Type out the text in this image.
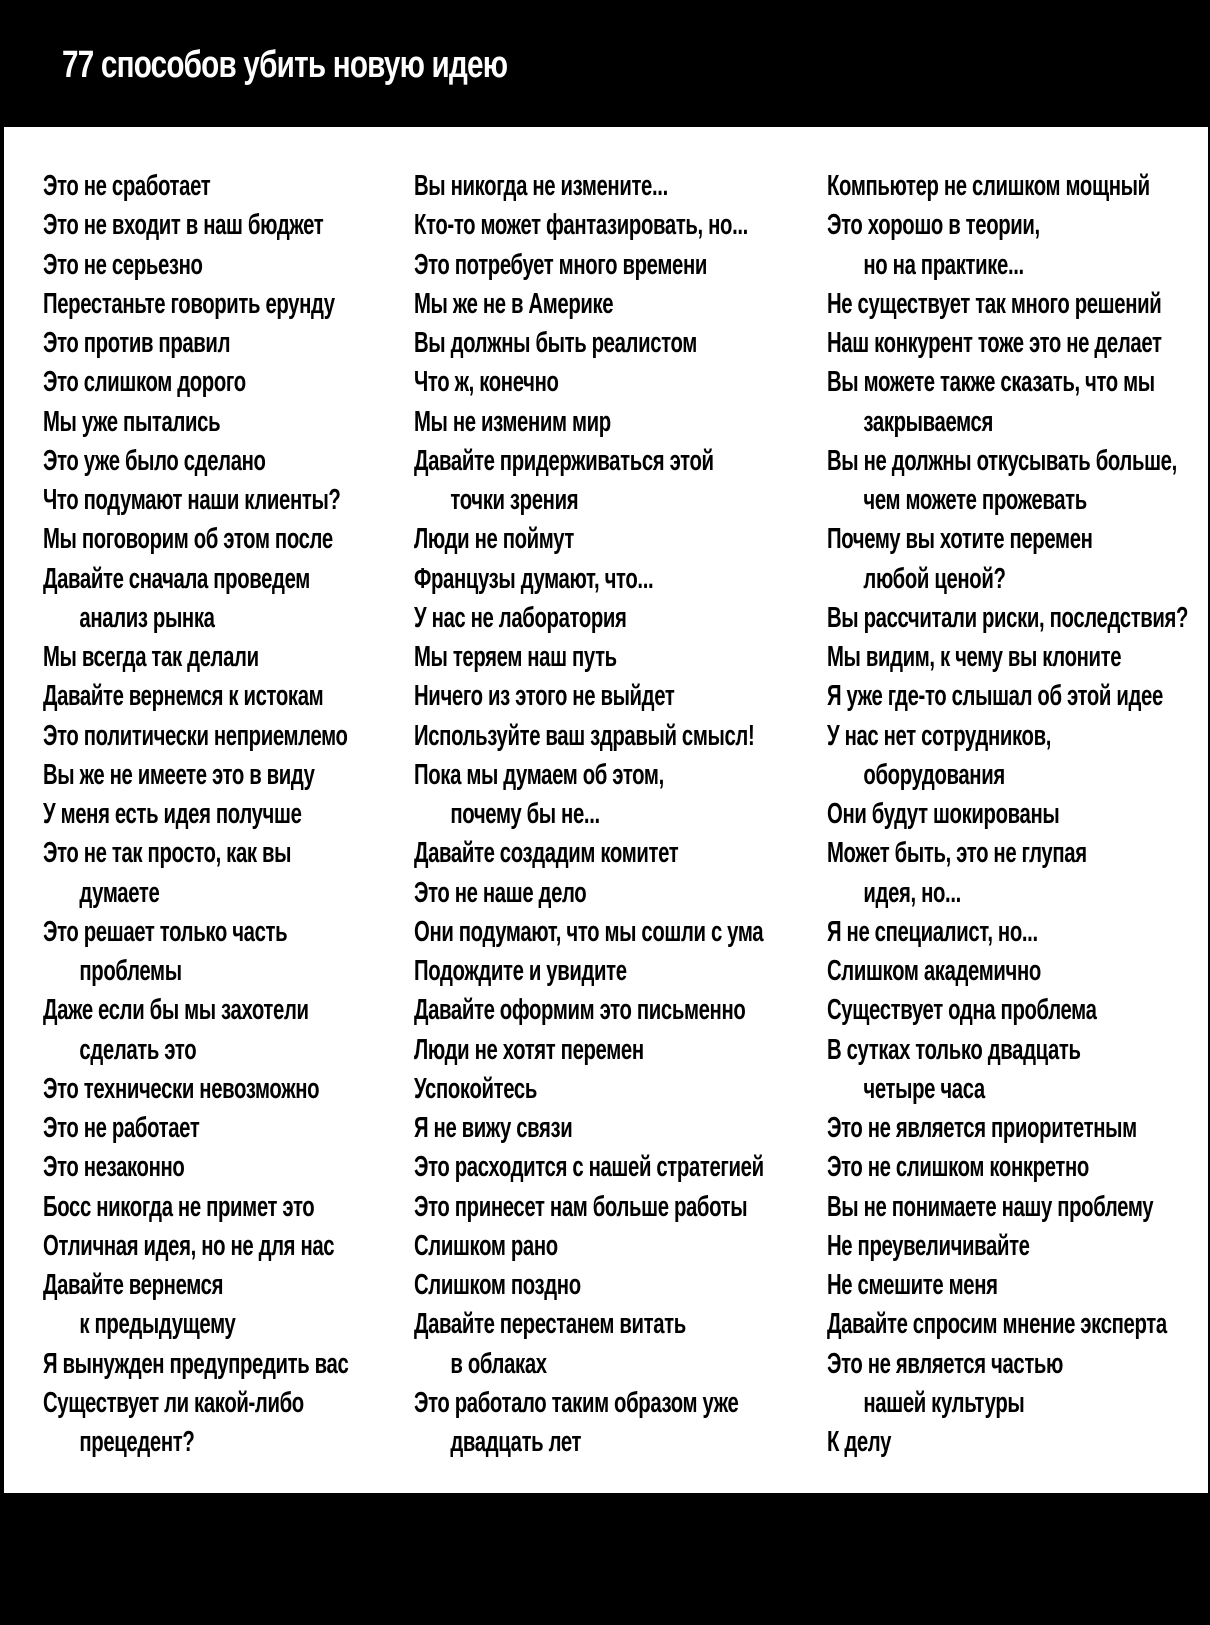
77 способов убить новую идею
Это не сработает
Это не входит в наш бюджет
Это не серьезно
Перестаньте говорить ерунду
Это против правил
Это слишком дорого
Мы уже пытались
Это уже было сделано
Что подумают наши клиенты?
Мы поговорим об этом после
Давайте сначала проведем
анализ рынка
Мы всегда так делали
Давайте вернемся к истокам
Это политически неприемлемо
Вы же не имеете это в виду
У меня есть идея получше
Это не так просто, как вы
думаете
Это решает только часть
проблемы
Даже если бы мы захотели
сделать это
Это технически невозможно
Это не работает
Это незаконно
Босс никогда не примет это
Отличная идея, но не для нас
Давайте вернемся
к предыдущему
Я вынужден предупредить вас
Существует ли какой-либо
прецедент?
Вы никогда не измените...
Кто-то может фантазировать, но...
Это потребует много времени
Мы же не в Америке
Вы должны быть реалистом
Что ж, конечно
Мы не изменим мир
Давайте придерживаться этой
точки зрения
Люди не поймут
Французы думают, что...
У нас не лаборатория
Мы теряем наш путь
Ничего из этого не выйдет
Используйте ваш здравый смысл!
Пока мы думаем об этом,
почему бы не...
Давайте создадим комитет
Это не наше дело
Они подумают, что мы сошли с ума
Подождите и увидите
Давайте оформим это письменно
Люди не хотят перемен
Успокойтесь
Я не вижу связи
Это расходится с нашей стратегией
Это принесет нам больше работы
Слишком рано
Слишком поздно
Давайте перестанем витать
в облаках
Это работало таким образом уже
двадцать лет
Компьютер не слишком мощный
Это хорошо в теории,
но на практике...
Не существует так много решений
Наш конкурент тоже это не делает
Вы можете также сказать, что мы
закрываемся
Вы не должны откусывать больше,
чем можете прожевать
Почему вы хотите перемен
любой ценой?
Вы рассчитали риски, последствия?
Мы видим, к чему вы клоните
Я уже где-то слышал об этой идее
У нас нет сотрудников,
оборудования
Они будут шокированы
Может быть, это не глупая
идея, но...
Я не специалист, но...
Слишком академично
Существует одна проблема
В сутках только двадцать
четыре часа
Это не является приоритетным
Это не слишком конкретно
Вы не понимаете нашу проблему
Не преувеличивайте
Не смешите меня
Давайте спросим мнение эксперта
Это не является частью
нашей культуры
К делу
